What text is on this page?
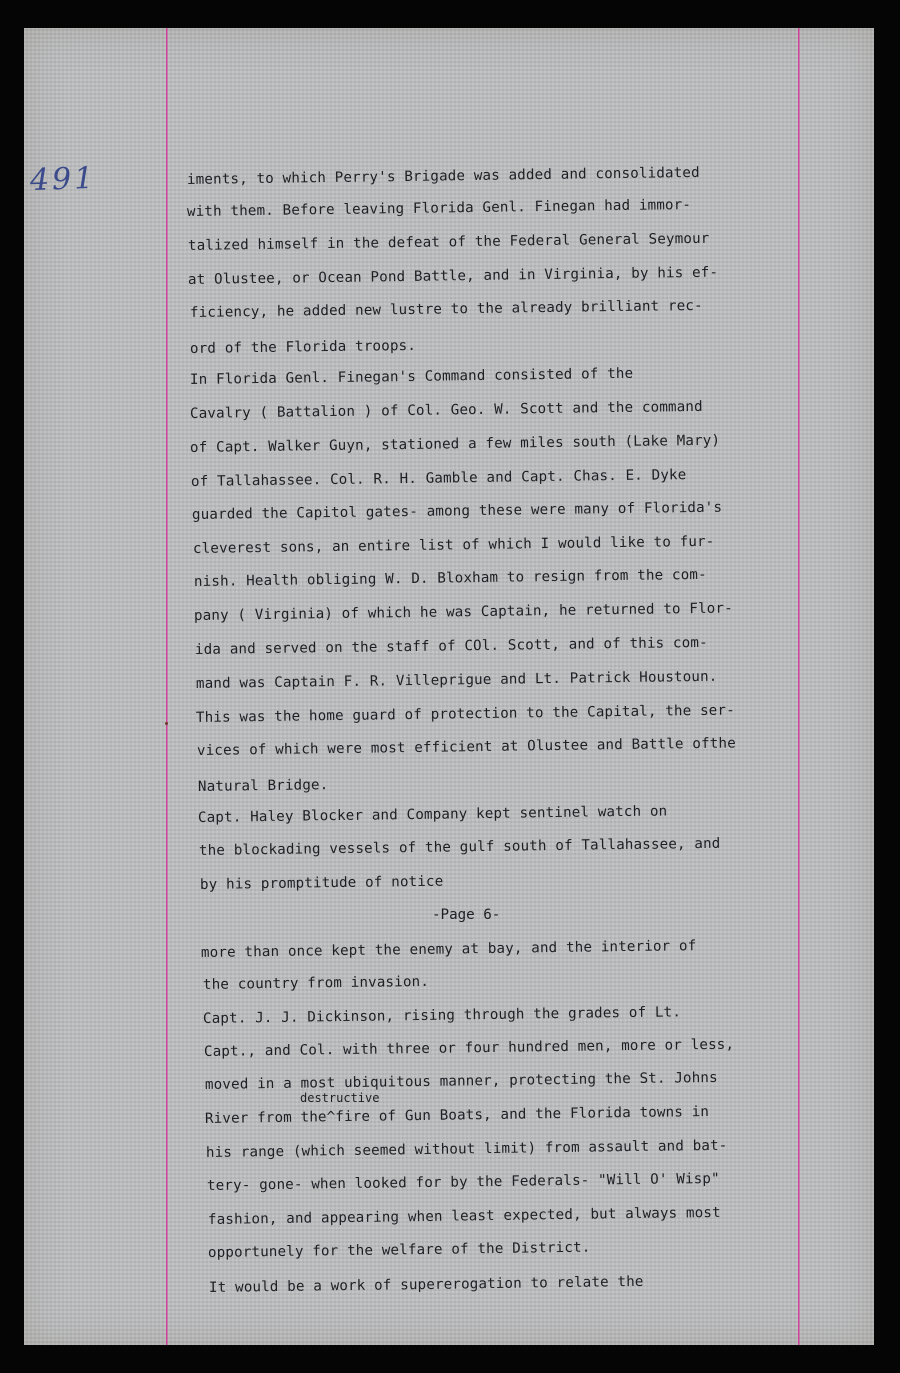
491	iments, to which Perry's Brigade was added and consolidated
with them. Before leaving Florida Genl. Finegan had immor-
talized himself in the defeat of the Federal General Seymour
at Olustee, or Ocean Pond Battle, and in Virginia, by his ef-
ficiency, he added new lustre to the already brilliant rec-
ord of the Florida troops.
In Florida Genl. Finegan's Command consisted of the
Cavalry ( Battalion ) of Col. Geo. W. Scott and the command
of Capt. Walker Guyn, stationed a few miles south (Lake Mary)
of Tallahassee. Col. R. H. Gamble and Capt. Chas. E. Dyke
guarded the Capitol gates- among these were many of Florida's
cleverest sons, an entire list of which I would like to fur-
nish. Health obliging W. D. Bloxham to resign from the com-
pany ( Virginia) of which he was Captain, he returned to Flor-
ida and served on the staff of COl. Scott, and of this com-
mand was Captain F. R. Villeprigue and Lt. Patrick Houstoun.
This was the home guard of protection to the Capital, the ser-
vices of which were most efficient at Olustee and Battle ofthe
Natural Bridge.
Capt. Haley Blocker and Company kept sentinel watch on
the blockading vessels of the gulf south of Tallahassee, and
by his promptitude of notice
-Page 6-
more than once kept the enemy at bay, and the interior of
the country from invasion.
Capt. J. J. Dickinson, rising through the grades of Lt.
Capt., and Col. with three or four hundred men, more or less,
moved in a most ubiquitous manner, protecting the St. Johns
destructive
River from the^fire of Gun Boats, and the Florida towns in
his range (which seemed without limit) from assault and bat-
tery- gone- when looked for by the Federals- "Will O' Wisp"
fashion, and appearing when least expected, but always most
opportunely for the welfare of the District.
It would be a work of supererogation to relate the
